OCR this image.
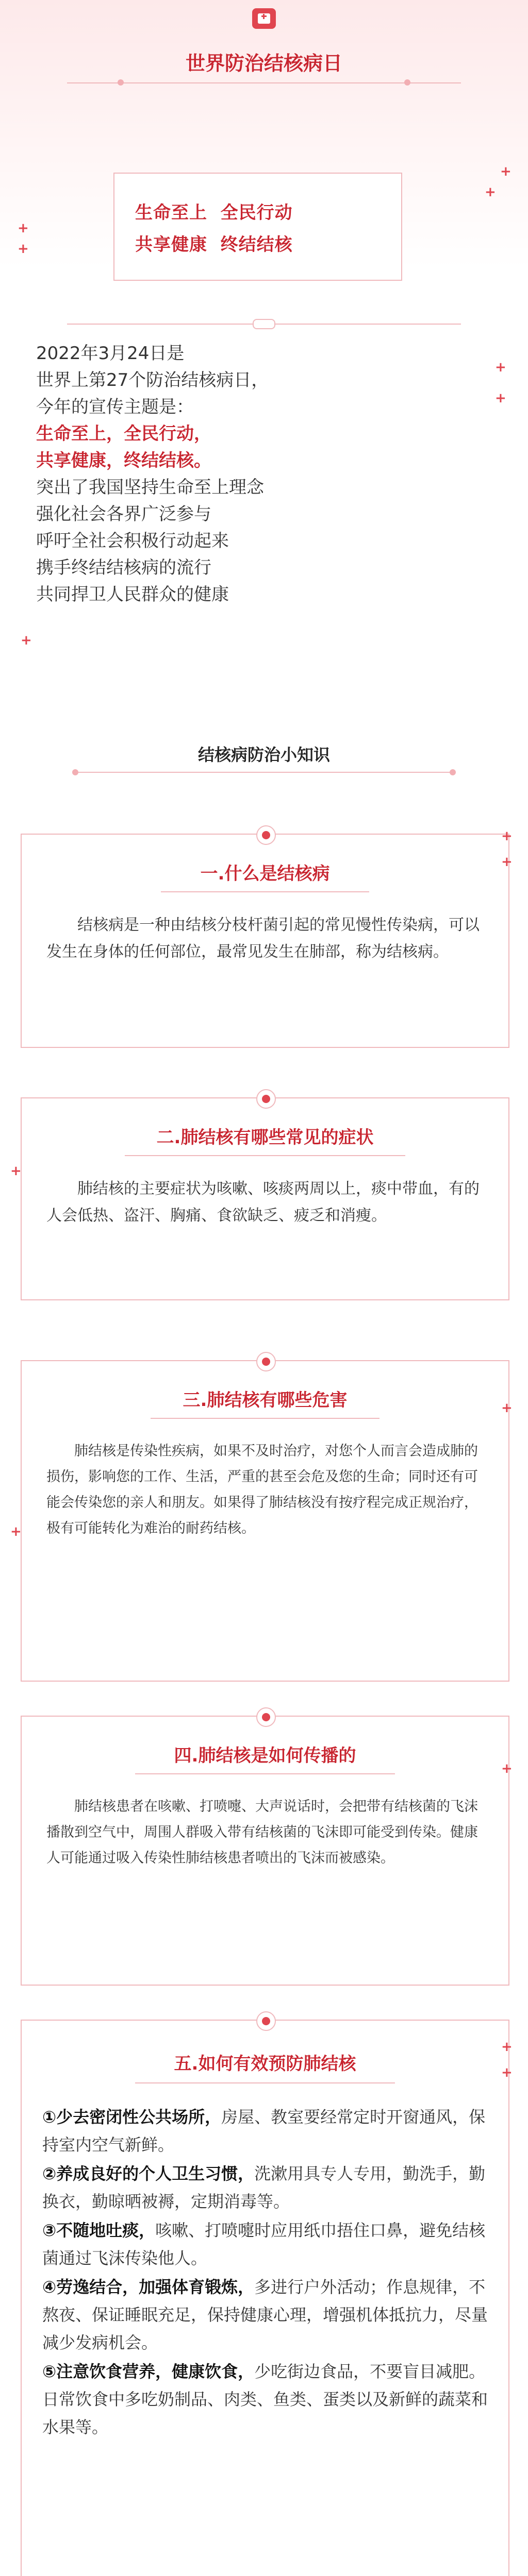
世界防治结核病日
生命至上  全民行动
共享健康  终结结核
+
+
+
+
2022年3月24日是
世界上第27个防治结核病日，
今年的宣传主题是：
生命至上，全民行动，
共享健康，终结结核。
突出了我国坚持生命至上理念
强化社会各界广泛参与
呼吁全社会积极行动起来
携手终结结核病的流行
共同捍卫人民群众的健康
+
+
+
结核病防治小知识
一.什么是结核病
结核病是一种由结核分枝杆菌引起的常见慢性传染病，可以发生在身体的任何部位，最常见发生在肺部，称为结核病。
+
+
二.肺结核有哪些常见的症状
肺结核的主要症状为咳嗽、咳痰两周以上，痰中带血，有的人会低热、盗汗、胸痛、食欲缺乏、疲乏和消瘦。
+
三.肺结核有哪些危害
肺结核是传染性疾病，如果不及时治疗，对您个人而言会造成肺的损伤，影响您的工作、生活，严重的甚至会危及您的生命；同时还有可能会传染您的亲人和朋友。如果得了肺结核没有按疗程完成正规治疗，极有可能转化为难治的耐药结核。
+
+
四.肺结核是如何传播的
肺结核患者在咳嗽、打喷嚏、大声说话时，会把带有结核菌的飞沫播散到空气中，周围人群吸入带有结核菌的飞沫即可能受到传染。健康人可能通过吸入传染性肺结核患者喷出的飞沫而被感染。
+
五.如何有效预防肺结核
①少去密闭性公共场所，房屋、教室要经常定时开窗通风，保持室内空气新鲜。
②养成良好的个人卫生习惯，洗漱用具专人专用，勤洗手，勤换衣，勤晾晒被褥，定期消毒等。
③不随地吐痰，咳嗽、打喷嚏时应用纸巾捂住口鼻，避免结核菌通过飞沫传染他人。
④劳逸结合，加强体育锻炼，多进行户外活动；作息规律，不熬夜、保证睡眠充足，保持健康心理，增强机体抵抗力，尽量减少发病机会。
⑤注意饮食营养，健康饮食，少吃街边食品，不要盲目减肥。日常饮食中多吃奶制品、肉类、鱼类、蛋类以及新鲜的蔬菜和水果等。
+
+
